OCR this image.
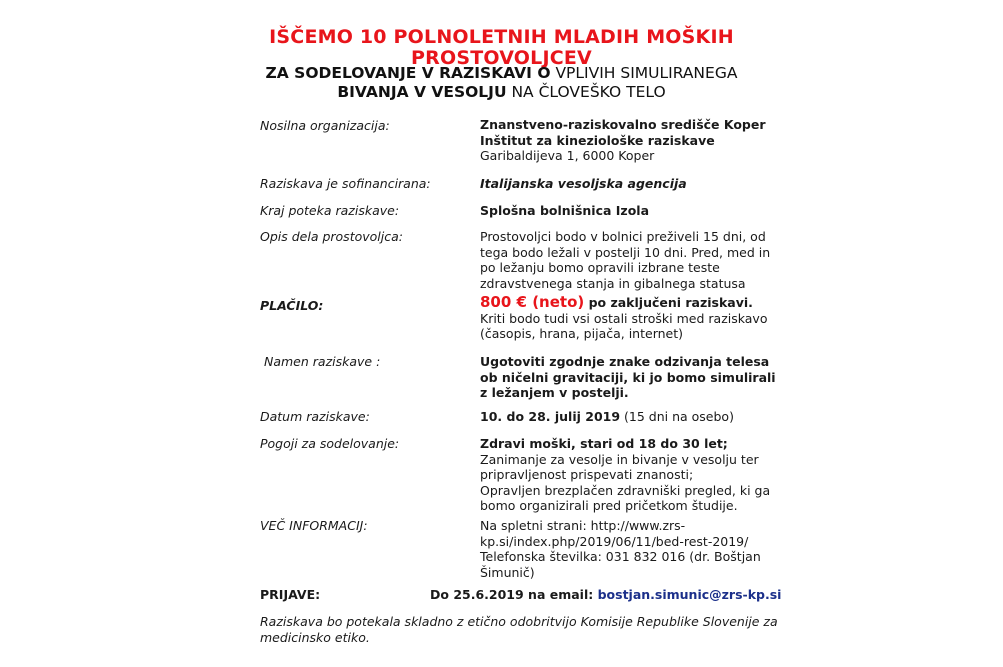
IŠČEMO 10 POLNOLETNIH MLADIH MOŠKIH
PROSTOVOLJCEV
ZA SODELOVANJE V RAZISKAVI O VPLIVIH SIMULIRANEGA
BIVANJA V VESOLJU NA ČLOVEŠKO TELO
Nosilna organizacija:	Znanstveno-raziskovalno središče Koper
Inštitut za kineziološke raziskave
Garibaldijeva 1, 6000 Koper
Raziskava je sofinancirana:	Italijanska vesoljska agencija
Kraj poteka raziskave:	Splošna bolnišnica Izola
Opis dela prostovoljca:	Prostovoljci bodo v bolnici preživeli 15 dni, od
tega bodo ležali v postelji 10 dni. Pred, med in
po ležanju bomo opravili izbrane teste
zdravstvenega stanja in gibalnega statusa
PLAČILO:	800 € (neto) po zaključeni raziskavi.
Kriti bodo tudi vsi ostali stroški med raziskavo
(časopis, hrana, pijača, internet)
Namen raziskave :	Ugotoviti zgodnje znake odzivanja telesa
ob ničelni gravitaciji, ki jo bomo simulirali
z ležanjem v postelji.
Datum raziskave:	10. do 28. julij 2019 (15 dni na osebo)
Pogoji za sodelovanje:	Zdravi moški, stari od 18 do 30 let;
Zanimanje za vesolje in bivanje v vesolju ter
pripravljenost prispevati znanosti;
Opravljen brezplačen zdravniški pregled, ki ga
bomo organizirali pred pričetkom študije.
VEČ INFORMACIJ:	Na spletni strani: http://www.zrs-
kp.si/index.php/2019/06/11/bed-rest-2019/
Telefonska številka: 031 832 016 (dr. Boštjan
Šimunič)
PRIJAVE:	Do 25.6.2019 na email: bostjan.simunic@zrs-kp.si
Raziskava bo potekala skladno z etično odobritvijo Komisije Republike Slovenije za
medicinsko etiko.
